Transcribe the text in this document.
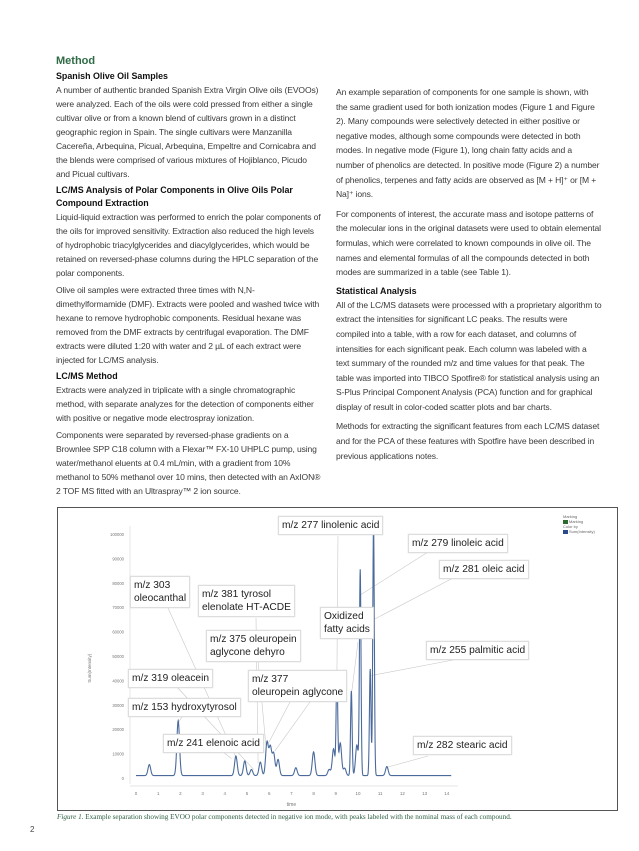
Method
Spanish Olive Oil Samples

A number of authentic branded Spanish Extra Virgin Olive oils (EVOOs) were analyzed. Each of the oils were cold pressed from either a single cultivar olive or from a known blend of cultivars grown in a distinct geographic region in Spain. The single cultivars were Manzanilla Cacereña, Arbequina, Picual, Arbequina, Empeltre and Cornicabra and the blends were comprised of various mixtures of Hojiblanco, Picudo and Picual cultivars.

LC/MS Analysis of Polar Components in Olive Oils Polar Compound Extraction

Liquid-liquid extraction was performed to enrich the polar components of the oils for improved sensitivity. Extraction also reduced the high levels of hydrophobic triacylglycerides and diacylglycerides, which would be retained on reversed-phase columns during the HPLC separation of the polar components.

Olive oil samples were extracted three times with N,N-dimethylformamide (DMF). Extracts were pooled and washed twice with hexane to remove hydrophobic components. Residual hexane was removed from the DMF extracts by centrifugal evaporation. The DMF extracts were diluted 1:20 with water and 2 µL of each extract were injected for LC/MS analysis.

LC/MS Method

Extracts were analyzed in triplicate with a single chromatographic method, with separate analyzes for the detection of components either with positive or negative mode electrospray ionization.

Components were separated by reversed-phase gradients on a Brownlee SPP C18 column with a Flexar™ FX-10 UHPLC pump, using water/methanol eluents at 0.4 mL/min, with a gradient from 10% methanol to 50% methanol over 10 mins, then detected with an AxION® 2 TOF MS fitted with an Ultraspray™ 2 ion source.

An example separation of components for one sample is shown, with the same gradient used for both ionization modes (Figure 1 and Figure 2). Many compounds were selectively detected in either positive or negative modes, although some compounds were detected in both modes. In negative mode (Figure 1), long chain fatty acids and a number of phenolics are detected. In positive mode (Figure 2) a number of phenolics, terpenes and fatty acids are observed as [M + H]⁺ or [M + Na]⁺ ions.

For components of interest, the accurate mass and isotope patterns of the molecular ions in the original datasets were used to obtain elemental formulas, which were correlated to known compounds in olive oil. The names and elemental formulas of all the compounds detected in both modes are summarized in a table (see Table 1).

Statistical Analysis

All of the LC/MS datasets were processed with a proprietary algorithm to extract the intensities for significant LC peaks. The results were compiled into a table, with a row for each dataset, and columns of intensities for each significant peak. Each column was labeled with a text summary of the rounded m/z and time values for that peak. The table was imported into TIBCO Spotfire® for statistical analysis using an S-Plus Principal Component Analysis (PCA) function and for graphical display of result in color-coded scatter plots and bar charts.

Methods for extracting the significant features from each LC/MS dataset and for the PCA of these features with Spotfire have been described in previous applications notes.

0
10000
20000
30000
40000
50000
60000
70000
80000
90000
100000
0	1	2	3	4	5	6	7	8	9	10	11	12	13	14
time
Sum(Intensity)
Marking
Marking
Color by
Sum(Intensity)
m/z 277 linolenic acid
m/z 279 linoleic acid
m/z 303
oleocanthal m/z 381 tyrosol
elenolate HT-ACDE
Oxidized
fatty acids
m/z 281 oleic acid
m/z 375 oleuropein
aglycone dehyro
m/z 319 oleacein	m/z 377
oleuropein aglycone
m/z 255 palmitic acid
m/z 153 hydroxytyrosol
m/z 241 elenoic acid	m/z 282 stearic acid
Figure 1. Example separation showing EVOO polar components detected in negative ion mode, with peaks labeled with the nominal mass of each compound.
2
